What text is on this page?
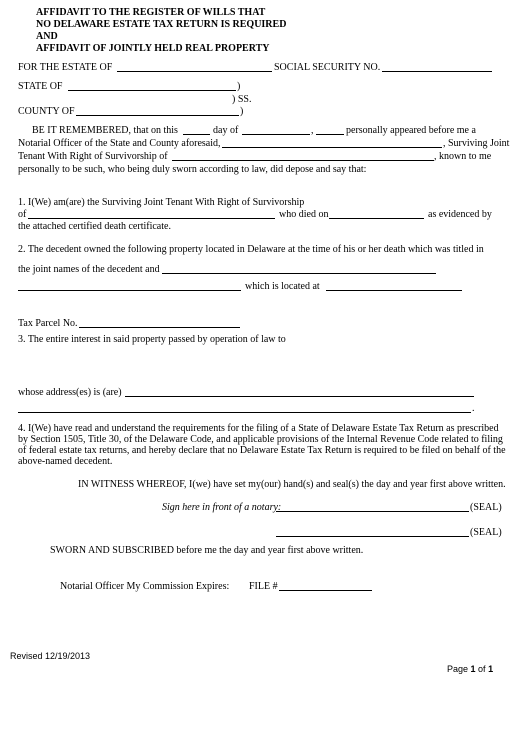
AFFIDAVIT TO THE REGISTER OF WILLS THAT
NO DELAWARE ESTATE TAX RETURN IS REQUIRED
AND
AFFIDAVIT OF JOINTLY HELD REAL PROPERTY
FOR THE ESTATE OF	SOCIAL SECURITY NO.
STATE OF	)
) SS.
COUNTY OF	)
BE IT REMEMBERED, that on this	day of	,	personally appeared before me a
Notarial Officer of the State and County aforesaid,	, Surviving Joint
Tenant With Right of Survivorship of	, known to me
personally to be such, who being duly sworn according to law, did depose and say that:
1. I(We) am(are) the Surviving Joint Tenant With Right of Survivorship
of	who died on	as evidenced by
the attached certified death certificate.
2. The decedent owned the following property located in Delaware at the time of his or her death which was titled in
the joint names of the decedent and
which is located at
Tax Parcel No.
3. The entire interest in said property passed by operation of law to
whose address(es) is (are)
.
4. I(We) have read and understand the requirements for the filing of a State of Delaware Estate Tax Return as prescribed
by Section 1505, Title 30, of the Delaware Code, and applicable provisions of the Internal Revenue Code related to filing
of federal estate tax returns, and hereby declare that no Delaware Estate Tax Return is required to be filed on behalf of the
above-named decedent.
IN WITNESS WHEREOF, I(we) have set my(our) hand(s) and seal(s) the day and year first above written.
Sign here in front of a notary:	(SEAL)
(SEAL)
SWORN AND SUBSCRIBED before me the day and year first above written.
Notarial Officer My Commission Expires: FILE #
Revised 12/19/2013
Page 1 of 1
